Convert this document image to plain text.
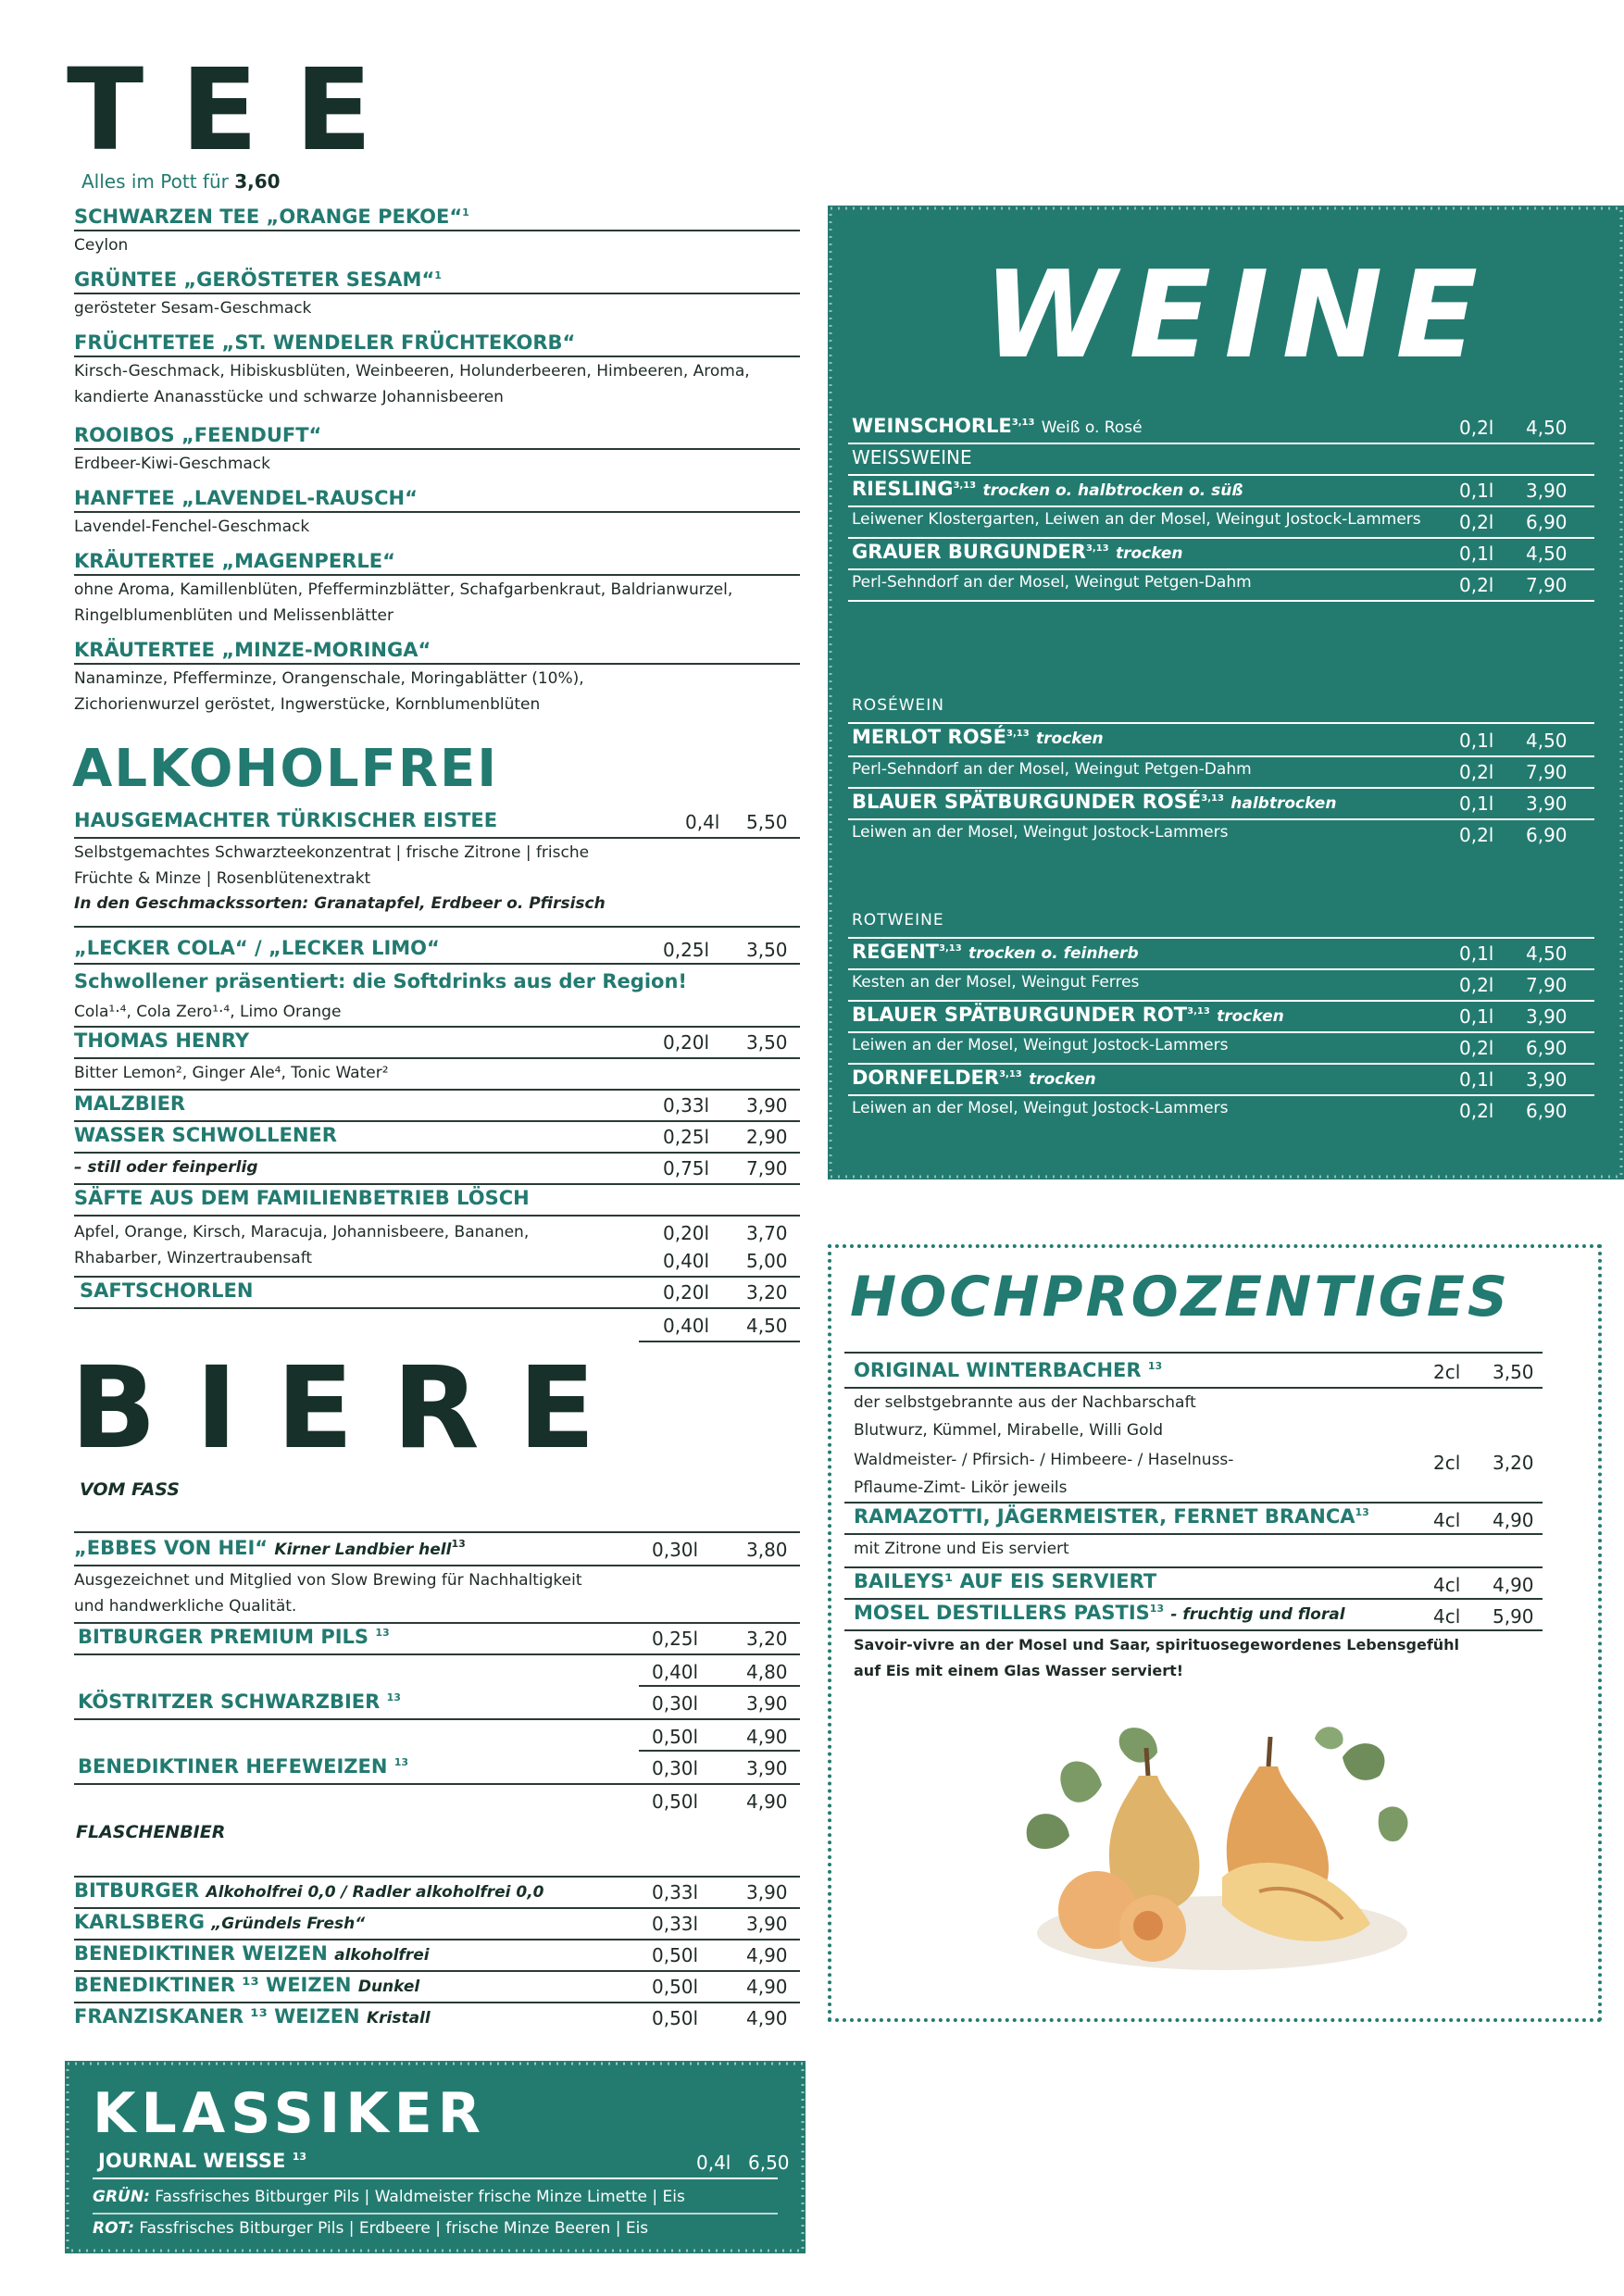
TEE
Alles im Pott für 3,60
SCHWARZEN TEE „ORANGE PEKOE“$^1$
Ceylon
GRÜNTEE „GERÖSTETER SESAM“$^1$
gerösteter Sesam-Geschmack
FRÜCHTETEE „ST. WENDELER FRÜCHTEKORB“
Kirsch-Geschmack, Hibiskusblüten, Weinbeeren, Holunderbeeren, Himbeeren, Aroma,
kandierte Ananasstücke und schwarze Johannisbeeren
ROOIBOS „FEENDUFT“
Erdbeer-Kiwi-Geschmack
HANFTEE „LAVENDEL-RAUSCH“
Lavendel-Fenchel-Geschmack
KRÄUTERTEE „MAGENPERLE“
ohne Aroma, Kamillenblüten, Pfefferminzblätter, Schafgarbenkraut, Baldrianwurzel,
Ringelblumenblüten und Melissenblätter
KRÄUTERTEE „MINZE-MORINGA“
Nanaminze, Pfefferminze, Orangenschale, Moringablätter (10%),
Zichorienwurzel geröstet, Ingwerstücke, Kornblumenblüten
ALKOHOLFREI
HAUSGEMACHTER TÜRKISCHER EISTEE	0,4l 5,50
Selbstgemachtes Schwarzteekonzentrat | frische Zitrone | frische
Früchte & Minze | Rosenblütenextrakt
In den Geschmackssorten: Granatapfel, Erdbeer o. Pfirsisch
„LECKER COLA“ / „LECKER LIMO“	0,25l 3,50
Schwollener präsentiert: die Softdrinks aus der Region!
Cola¹·⁴, Cola Zero¹·⁴, Limo Orange
THOMAS HENRY	0,20l 3,50
Bitter Lemon², Ginger Ale⁴, Tonic Water²
MALZBIER	0,33l 3,90
WASSER SCHWOLLENER	0,25l 2,90
– still oder feinperlig	0,75l 7,90
SÄFTE AUS DEM FAMILIENBETRIEB LÖSCH
Apfel, Orange, Kirsch, Maracuja, Johannisbeere, Bananen,
Rhabarber, Winzertraubensaft
0,20l 3,70
0,40l 5,00
SAFTSCHORLEN	0,20l 3,20
0,40l 4,50
BIERE
VOM FASS
„EBBES VON HEI“ Kirner Landbier hell$^{13}$	0,30l	3,80
Ausgezeichnet und Mitglied von Slow Brewing für Nachhaltigkeit
und handwerkliche Qualität.
BITBURGER PREMIUM PILS $^{13}$	0,25l	3,20
0,40l	4,80
KÖSTRITZER SCHWARZBIER $^{13}$	0,30l	3,90
0,50l	4,90
BENEDIKTINER HEFEWEIZEN $^{13}$	0,30l	3,90
0,50l	4,90
FLASCHENBIER
BITBURGER Alkoholfrei 0,0 / Radler alkoholfrei 0,0	0,33l	3,90
KARLSBERG „Gründels Fresh“	0,33l	3,90
BENEDIKTINER WEIZEN alkoholfrei	0,50l	4,90
BENEDIKTINER ¹³ WEIZEN Dunkel	0,50l	4,90
FRANZISKANER ¹³ WEIZEN Kristall	0,50l	4,90
KLASSIKER
JOURNAL WEISSE $^{13}$	0,4l 6,50
GRÜN: Fassfrisches Bitburger Pils | Waldmeister frische Minze Limette | Eis
ROT: Fassfrisches Bitburger Pils | Erdbeere | frische Minze Beeren | Eis
WEINE
WEINSCHORLE$^{3,13}$ Weiß o. Rosé	0,2l 4,50
WEISSWEINE
RIESLING$^{3,13}$ trocken o. halbtrocken o. süß	0,1l 3,90
Leiwener Klostergarten, Leiwen an der Mosel, Weingut Jostock-Lammers 0,2l 6,90
GRAUER BURGUNDER$^{3,13}$ trocken	0,1l 4,50
Perl-Sehndorf an der Mosel, Weingut Petgen-Dahm	0,2l 7,90
ROSÉWEIN
MERLOT ROSÉ$^{3,13}$ trocken	0,1l 4,50
Perl-Sehndorf an der Mosel, Weingut Petgen-Dahm	0,2l 7,90
BLAUER SPÄTBURGUNDER ROSÉ$^{3,13}$ halbtrocken	0,1l 3,90
Leiwen an der Mosel, Weingut Jostock-Lammers	0,2l 6,90
ROTWEINE
REGENT$^{3,13}$ trocken o. feinherb	0,1l 4,50
Kesten an der Mosel, Weingut Ferres	0,2l 7,90
BLAUER SPÄTBURGUNDER ROT$^{3,13}$ trocken	0,1l 3,90
Leiwen an der Mosel, Weingut Jostock-Lammers	0,2l 6,90
DORNFELDER$^{3,13}$ trocken	0,1l 3,90
Leiwen an der Mosel, Weingut Jostock-Lammers	0,2l 6,90
HOCHPROZENTIGES
ORIGINAL WINTERBACHER $^{13}$	2cl 3,50
der selbstgebrannte aus der Nachbarschaft
Blutwurz, Kümmel, Mirabelle, Willi Gold
Waldmeister- / Pfirsich- / Himbeere- / Haselnuss-
Pflaume-Zimt- Likör jeweils
2cl 3,20
RAMAZOTTI, JÄGERMEISTER, FERNET BRANCA$^{13}$	4cl 4,90
mit Zitrone und Eis serviert
BAILEYS¹ AUF EIS SERVIERT	4cl 4,90
MOSEL DESTILLERS PASTIS$^{13}$ - fruchtig und floral	4cl 5,90
Savoir-vivre an der Mosel und Saar, spirituosegewordenes Lebensgefühl
auf Eis mit einem Glas Wasser serviert!
